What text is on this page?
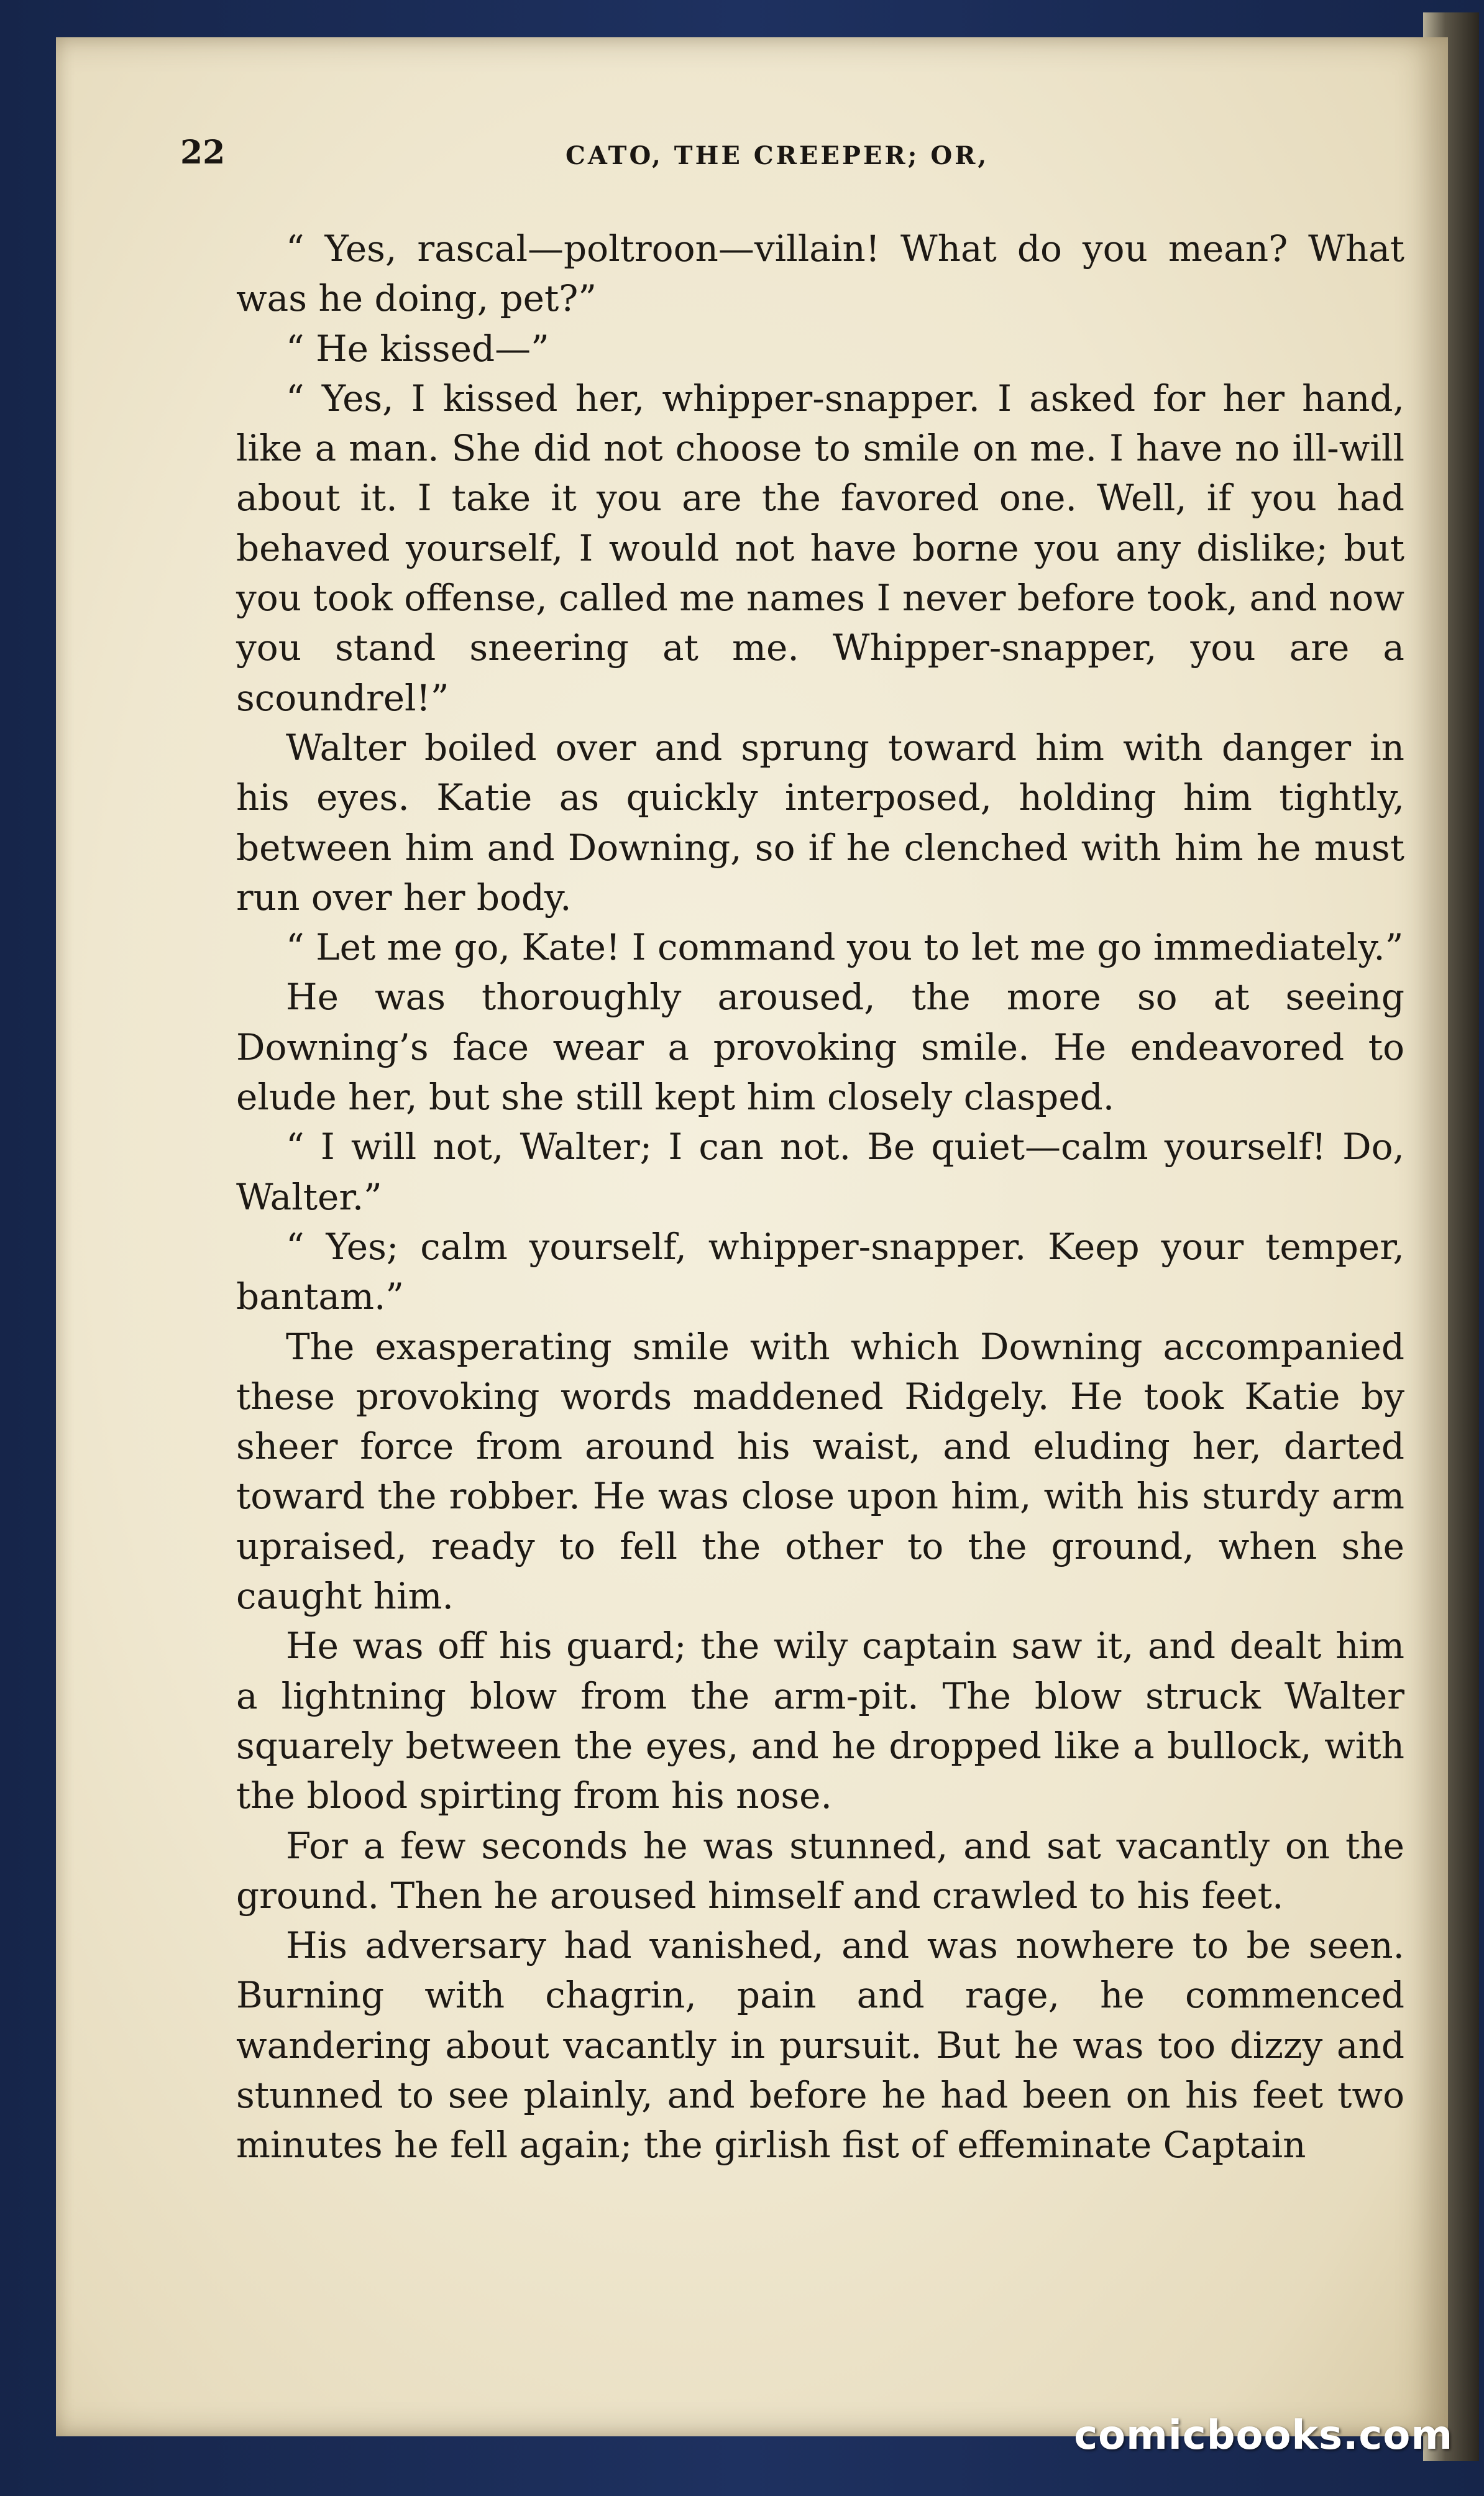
22	CATO, THE CREEPER; OR,

“ Yes, rascal—poltroon—villain! What do you mean? What was he doing, pet?”

“ He kissed—”

“ Yes, I kissed her, whipper-snapper. I asked for her hand, like a man. She did not choose to smile on me. I have no ill-will about it. I take it you are the favored one. Well, if you had behaved yourself, I would not have borne you any dislike; but you took offense, called me names I never before took, and now you stand sneering at me. Whipper-snapper, you are a scoundrel!”

Walter boiled over and sprung toward him with danger in his eyes. Katie as quickly interposed, holding him tightly, between him and Downing, so if he clenched with him he must run over her body.

“ Let me go, Kate! I command you to let me go immediately.”

He was thoroughly aroused, the more so at seeing Downing’s face wear a provoking smile. He endeavored to elude her, but she still kept him closely clasped.

“ I will not, Walter; I can not. Be quiet—calm yourself! Do, Walter.”

“ Yes; calm yourself, whipper-snapper. Keep your temper, bantam.”

The exasperating smile with which Downing accompanied these provoking words maddened Ridgely. He took Katie by sheer force from around his waist, and eluding her, darted toward the robber. He was close upon him, with his sturdy arm upraised, ready to fell the other to the ground, when she caught him.

He was off his guard; the wily captain saw it, and dealt him a lightning blow from the arm-pit. The blow struck Walter squarely between the eyes, and he dropped like a bullock, with the blood spirting from his nose.

For a few seconds he was stunned, and sat vacantly on the ground. Then he aroused himself and crawled to his feet.

His adversary had vanished, and was nowhere to be seen. Burning with chagrin, pain and rage, he commenced wandering about vacantly in pursuit. But he was too dizzy and stunned to see plainly, and before he had been on his feet two minutes he fell again; the girlish fist of effeminate Captain

comicbooks.com
